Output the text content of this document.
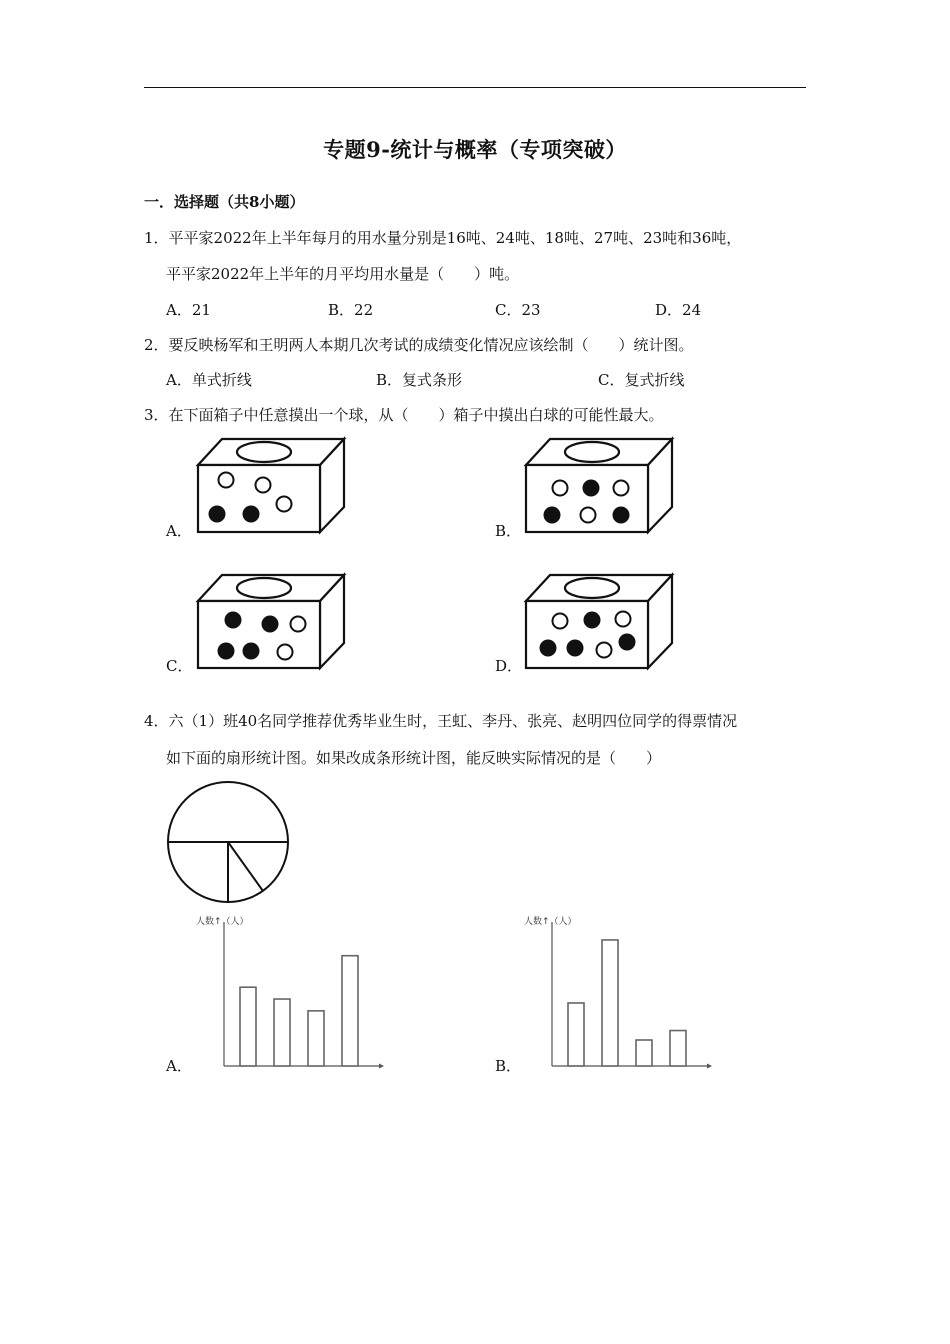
专题9-统计与概率（专项突破）
一．选择题（共8小题）
1．平平家2022年上半年每月的用水量分别是16吨、24吨、18吨、27吨、23吨和36吨，
平平家2022年上半年的月平均用水量是（　　）吨。
A．21	B．22	C．23	D．24
2．要反映杨军和王明两人本期几次考试的成绩变化情况应该绘制（　　）统计图。
A．单式折线	B．复式条形	C．复式折线
3．在下面箱子中任意摸出一个球，从（　　）箱子中摸出白球的可能性最大。
A．	B．
C．	D．
4．六（1）班40名同学推荐优秀毕业生时，王虹、李丹、张亮、赵明四位同学的得票情况
如下面的扇形统计图。如果改成条形统计图，能反映实际情况的是（　　）
A．
人数↑（人）
B．
人数↑（人）
